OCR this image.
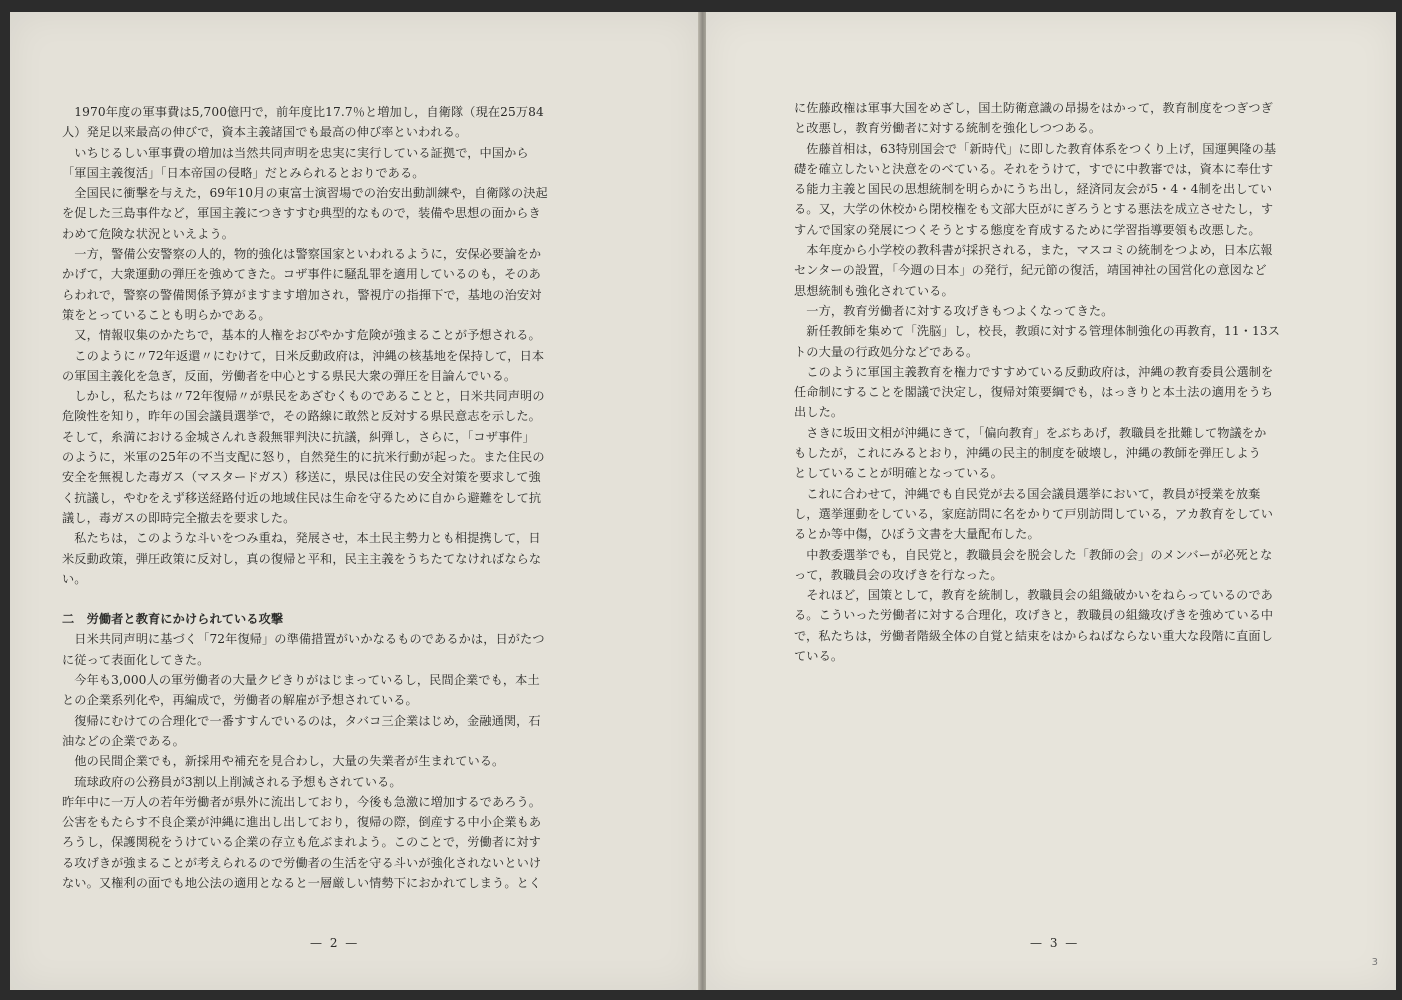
　1970年度の軍事費は5,700億円で，前年度比17.7％と増加し，自衛隊（現在25万84
人）発足以来最高の伸びで，資本主義諸国でも最高の伸び率といわれる。
　いちじるしい軍事費の増加は当然共同声明を忠実に実行している証拠で，中国から
「軍国主義復活」「日本帝国の侵略」だとみられるとおりである。
　全国民に衝撃を与えた，69年10月の東富士演習場での治安出動訓練や，自衛隊の決起
を促した三島事件など，軍国主義につきすすむ典型的なもので，装備や思想の面からき
わめて危険な状況といえよう。
　一方，警備公安警察の人的，物的強化は警察国家といわれるように，安保必要論をか
かげて，大衆運動の弾圧を強めてきた。コザ事件に騒乱罪を適用しているのも，そのあ
らわれで，警察の警備関係予算がますます増加され，警視庁の指揮下で，基地の治安対
策をとっていることも明らかである。
　又，情報収集のかたちで，基本的人権をおびやかす危険が強まることが予想される。
　このように〃72年返還〃にむけて，日米反動政府は，沖縄の核基地を保持して，日本
の軍国主義化を急ぎ，反面，労働者を中心とする県民大衆の弾圧を目論んでいる。
　しかし，私たちは〃72年復帰〃が県民をあざむくものであることと，日米共同声明の
危険性を知り，昨年の国会議員選挙で，その路線に敢然と反対する県民意志を示した。
そして，糸満における金城さんれき殺無罪判決に抗議，糾弾し，さらに，「コザ事件」
のように，米軍の25年の不当支配に怒り，自然発生的に抗米行動が起った。また住民の
安全を無視した毒ガス（マスタードガス）移送に，県民は住民の安全対策を要求して強
く抗議し，やむをえず移送経路付近の地域住民は生命を守るために自から避難をして抗
議し，毒ガスの即時完全撤去を要求した。
　私たちは，このような斗いをつみ重ね，発展させ，本土民主勢力とも相提携して，日
米反動政策，弾圧政策に反対し，真の復帰と平和，民主主義をうちたてなければならな
い。
二　労働者と教育にかけられている攻撃
　日米共同声明に基づく「72年復帰」の準備措置がいかなるものであるかは，日がたつ
に従って表面化してきた。
　今年も3,000人の軍労働者の大量クビきりがはじまっているし，民間企業でも，本土
との企業系列化や，再編成で，労働者の解雇が予想されている。
　復帰にむけての合理化で一番すすんでいるのは，タバコ三企業はじめ，金融通関，石
油などの企業である。
　他の民間企業でも，新採用や補充を見合わし，大量の失業者が生まれている。
　琉球政府の公務員が3割以上削減される予想もされている。
昨年中に一万人の若年労働者が県外に流出しており，今後も急激に増加するであろう。
公害をもたらす不良企業が沖縄に進出し出しており，復帰の際，倒産する中小企業もあ
ろうし，保護関税をうけている企業の存立も危ぶまれよう。このことで，労働者に対す
る攻げきが強まることが考えられるので労働者の生活を守る斗いが強化されないといけ
ない。又権利の面でも地公法の適用となると一層厳しい情勢下におかれてしまう。とく
— 2 —
に佐藤政権は軍事大国をめざし，国土防衛意識の昂揚をはかって，教育制度をつぎつぎ
と改悪し，教育労働者に対する統制を強化しつつある。
　佐藤首相は，63特別国会で「新時代」に即した教育体系をつくり上げ，国運興隆の基
礎を確立したいと決意をのべている。それをうけて，すでに中教審では，資本に奉仕す
る能力主義と国民の思想統制を明らかにうち出し，経済同友会が5・4・4制を出してい
る。又，大学の休校から閉校権をも文部大臣がにぎろうとする悪法を成立させたし，す
すんで国家の発展につくそうとする態度を育成するために学習指導要領も改悪した。
　本年度から小学校の教科書が採択される，また，マスコミの統制をつよめ，日本広報
センターの設置，「今週の日本」の発行，紀元節の復活，靖国神社の国営化の意図など
思想統制も強化されている。
　一方，教育労働者に対する攻げきもつよくなってきた。
　新任教師を集めて「洗脳」し，校長，教頭に対する管理体制強化の再教育，11・13ス
トの大量の行政処分などである。
　このように軍国主義教育を権力ですすめている反動政府は，沖縄の教育委員公選制を
任命制にすることを閣議で決定し，復帰対策要綱でも，はっきりと本土法の適用をうち
出した。
　さきに坂田文相が沖縄にきて，「偏向教育」をぶちあげ，教職員を批難して物議をか
もしたが，これにみるとおり，沖縄の民主的制度を破壊し，沖縄の教師を弾圧しよう
としていることが明確となっている。
　これに合わせて，沖縄でも自民党が去る国会議員選挙において，教員が授業を放棄
し，選挙運動をしている，家庭訪問に名をかりて戸別訪問している，アカ教育をしてい
るとか等中傷，ひぼう文書を大量配布した。
　中教委選挙でも，自民党と，教職員会を脱会した「教師の会」のメンバーが必死とな
って，教職員会の攻げきを行なった。
　それほど，国策として，教育を統制し，教職員会の組織破かいをねらっているのであ
る。こういった労働者に対する合理化，攻げきと，教職員の組織攻げきを強めている中
で，私たちは，労働者階級全体の自覚と結束をはからねばならない重大な段階に直面し
ている。
— 3 —
3
